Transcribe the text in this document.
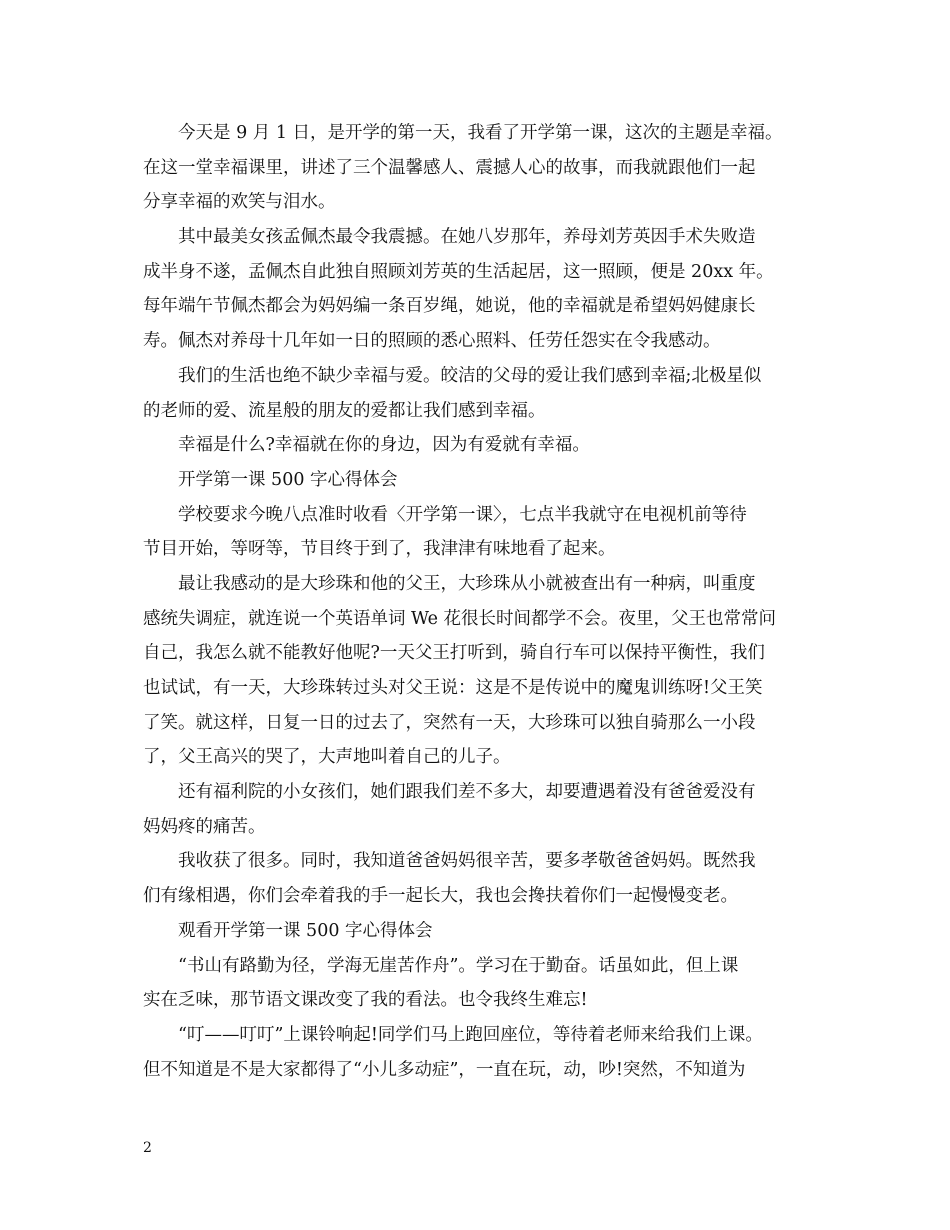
今天是 9 月 1 日，是开学的第一天，我看了开学第一课，这次的主题是幸福。
在这一堂幸福课里，讲述了三个温馨感人、震撼人心的故事，而我就跟他们一起
分享幸福的欢笑与泪水。
其中最美女孩孟佩杰最令我震撼。在她八岁那年，养母刘芳英因手术失败造
成半身不遂，孟佩杰自此独自照顾刘芳英的生活起居，这一照顾，便是 20xx 年。
每年端午节佩杰都会为妈妈编一条百岁绳，她说，他的幸福就是希望妈妈健康长
寿。佩杰对养母十几年如一日的照顾的悉心照料、任劳任怨实在令我感动。
我们的生活也绝不缺少幸福与爱。皎洁的父母的爱让我们感到幸福;北极星似
的老师的爱、流星般的朋友的爱都让我们感到幸福。
幸福是什么?幸福就在你的身边，因为有爱就有幸福。
开学第一课 500 字心得体会
学校要求今晚八点准时收看〈开学第一课〉，七点半我就守在电视机前等待
节目开始，等呀等，节目终于到了，我津津有味地看了起来。
最让我感动的是大珍珠和他的父王，大珍珠从小就被查出有一种病，叫重度
感统失调症，就连说一个英语单词 We 花很长时间都学不会。夜里，父王也常常问
自己，我怎么就不能教好他呢?一天父王打听到，骑自行车可以保持平衡性，我们
也试试，有一天，大珍珠转过头对父王说：这是不是传说中的魔鬼训练呀!父王笑
了笑。就这样，日复一日的过去了，突然有一天，大珍珠可以独自骑那么一小段
了，父王高兴的哭了，大声地叫着自己的儿子。
还有福利院的小女孩们，她们跟我们差不多大，却要遭遇着没有爸爸爱没有
妈妈疼的痛苦。
我收获了很多。同时，我知道爸爸妈妈很辛苦，要多孝敬爸爸妈妈。既然我
们有缘相遇，你们会牵着我的手一起长大，我也会搀扶着你们一起慢慢变老。
观看开学第一课 500 字心得体会
“书山有路勤为径，学海无崖苦作舟”。学习在于勤奋。话虽如此，但上课
实在乏味，那节语文课改变了我的看法。也令我终生难忘!
“叮——叮叮”上课铃响起!同学们马上跑回座位，等待着老师来给我们上课。
但不知道是不是大家都得了“小儿多动症”，一直在玩，动，吵!突然，不知道为
2
